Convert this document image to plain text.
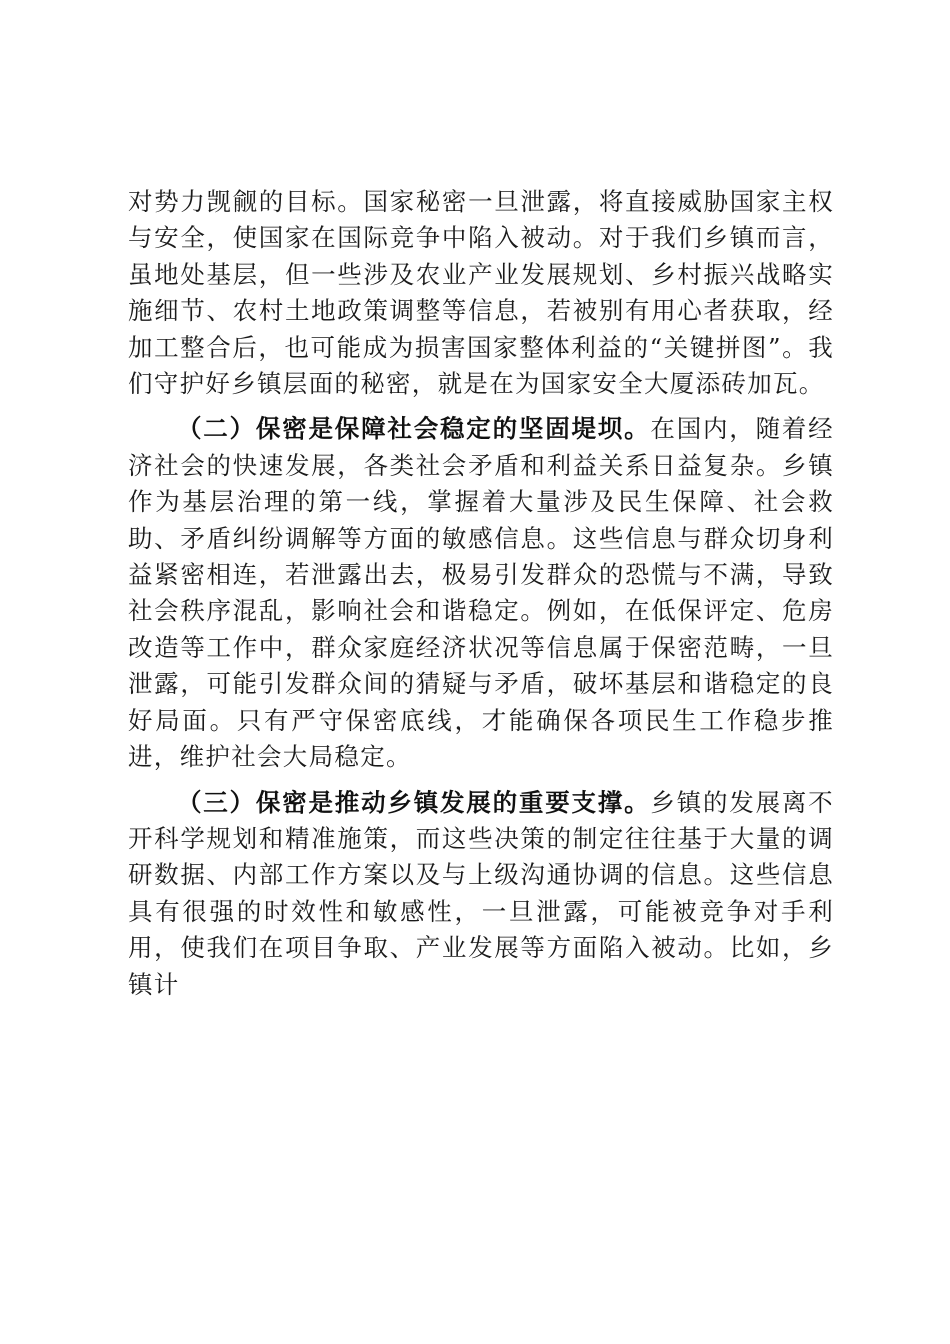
对势力觊觎的目标。国家秘密一旦泄露，将直接威胁国家主权与安全，使国家在国际竞争中陷入被动。对于我们乡镇而言，虽地处基层，但一些涉及农业产业发展规划、乡村振兴战略实施细节、农村土地政策调整等信息，若被别有用心者获取，经加工整合后，也可能成为损害国家整体利益的“关键拼图”。我们守护好乡镇层面的秘密，就是在为国家安全大厦添砖加瓦。

（二）保密是保障社会稳定的坚固堤坝。在国内，随着经济社会的快速发展，各类社会矛盾和利益关系日益复杂。乡镇作为基层治理的第一线，掌握着大量涉及民生保障、社会救助、矛盾纠纷调解等方面的敏感信息。这些信息与群众切身利益紧密相连，若泄露出去，极易引发群众的恐慌与不满，导致社会秩序混乱，影响社会和谐稳定。例如，在低保评定、危房改造等工作中，群众家庭经济状况等信息属于保密范畴，一旦泄露，可能引发群众间的猜疑与矛盾，破坏基层和谐稳定的良好局面。只有严守保密底线，才能确保各项民生工作稳步推进，维护社会大局稳定。

（三）保密是推动乡镇发展的重要支撑。乡镇的发展离不开科学规划和精准施策，而这些决策的制定往往基于大量的调研数据、内部工作方案以及与上级沟通协调的信息。这些信息具有很强的时效性和敏感性，一旦泄露，可能被竞争对手利用，使我们在项目争取、产业发展等方面陷入被动。比如，乡镇计
